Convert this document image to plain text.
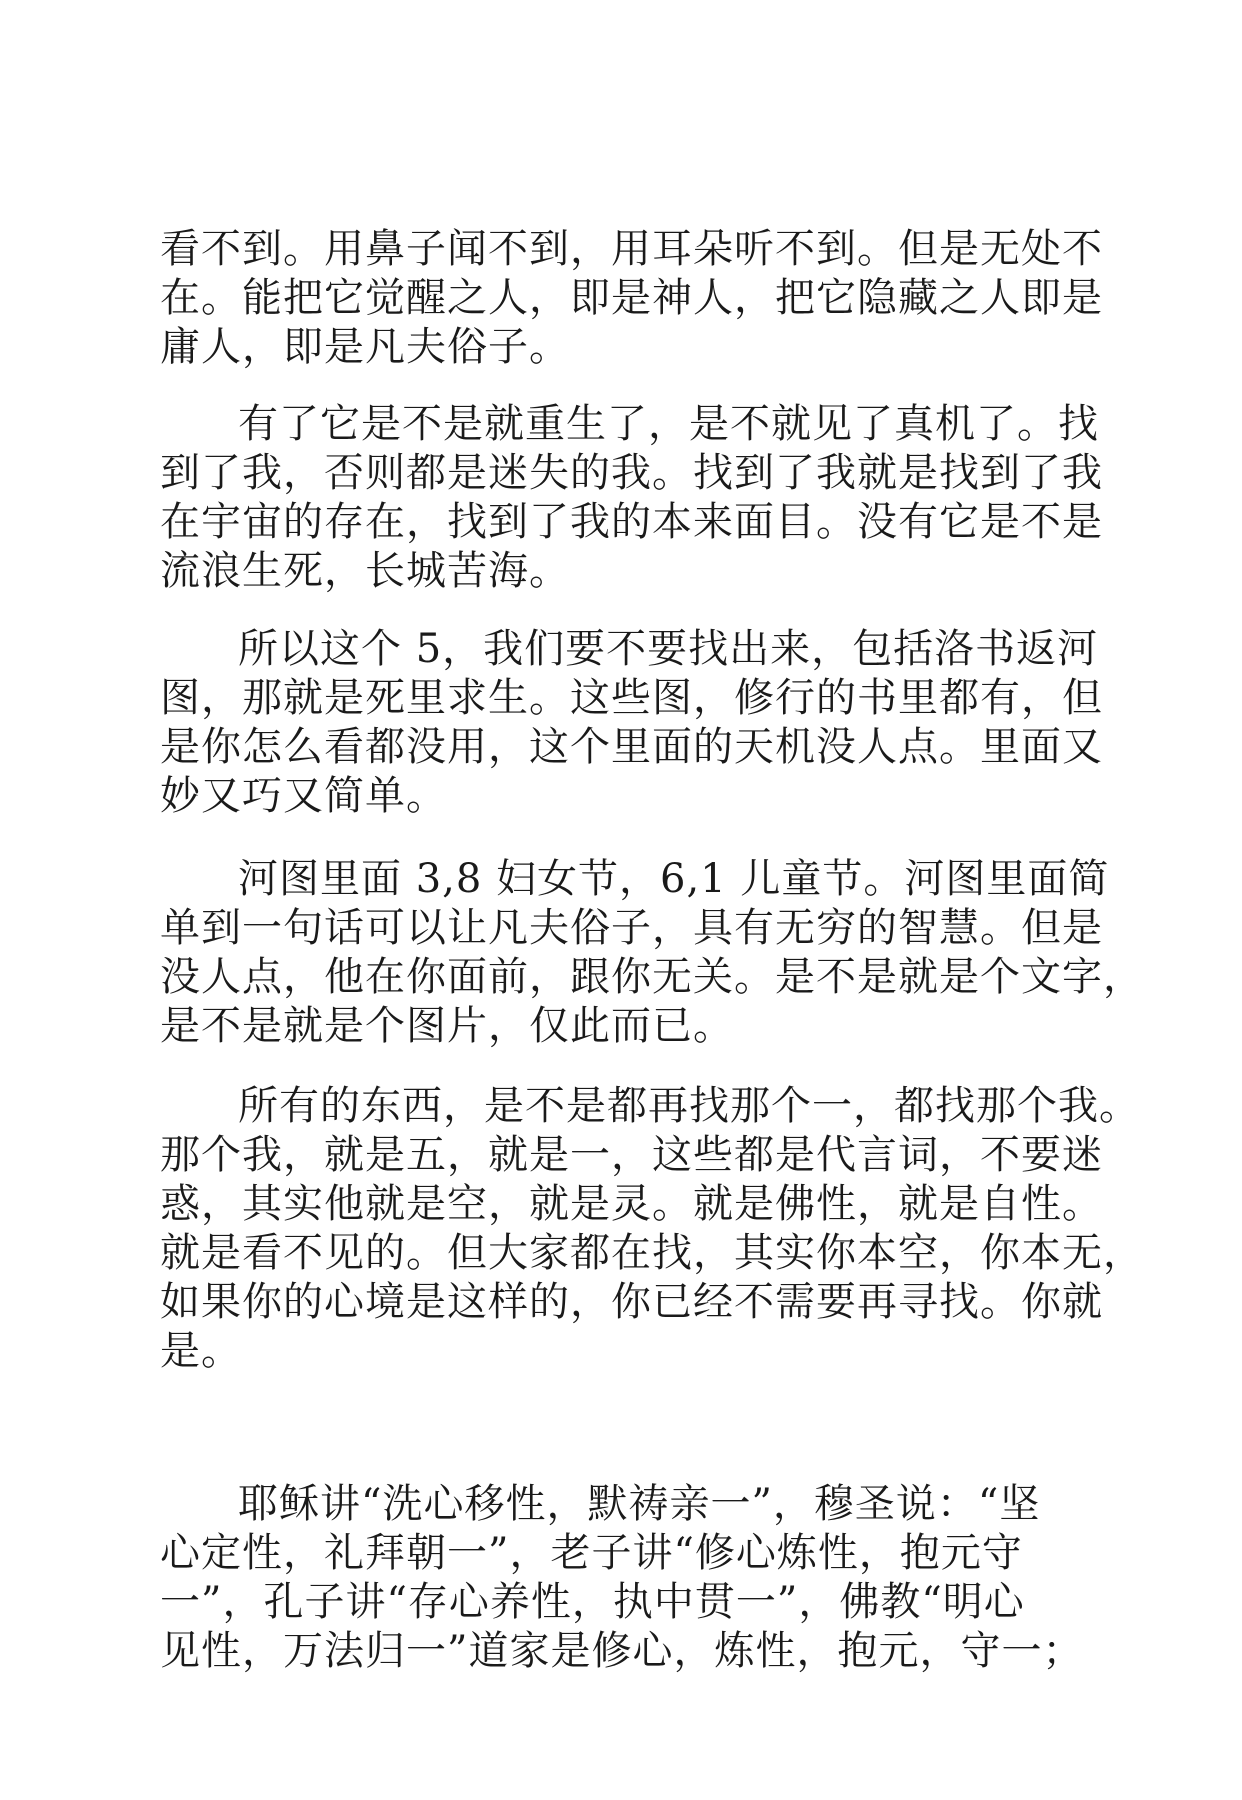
看不到。用鼻子闻不到，用耳朵听不到。但是无处不
在。能把它觉醒之人，即是神人，把它隐藏之人即是
庸人，即是凡夫俗子。
有了它是不是就重生了，是不就见了真机了。找
到了我，否则都是迷失的我。找到了我就是找到了我
在宇宙的存在，找到了我的本来面目。没有它是不是
流浪生死，长城苦海。
所以这个 5，我们要不要找出来，包括洛书返河
图，那就是死里求生。这些图，修行的书里都有，但
是你怎么看都没用，这个里面的天机没人点。里面又
妙又巧又简单。
河图里面 3,8 妇女节，6,1 儿童节。河图里面简
单到一句话可以让凡夫俗子，具有无穷的智慧。但是
没人点，他在你面前，跟你无关。是不是就是个文字，
是不是就是个图片，仅此而已。
所有的东西，是不是都再找那个一，都找那个我。
那个我，就是五，就是一，这些都是代言词，不要迷
惑，其实他就是空，就是灵。就是佛性，就是自性。
就是看不见的。但大家都在找，其实你本空，你本无，
如果你的心境是这样的，你已经不需要再寻找。你就
是。
耶稣讲“洗心移性，默祷亲一”，穆圣说：“坚
心定性，礼拜朝一”，老子讲“修心炼性，抱元守
一”，孔子讲“存心养性，执中贯一”，佛教“明心
见性，万法归一”道家是修心，炼性，抱元，守一；
